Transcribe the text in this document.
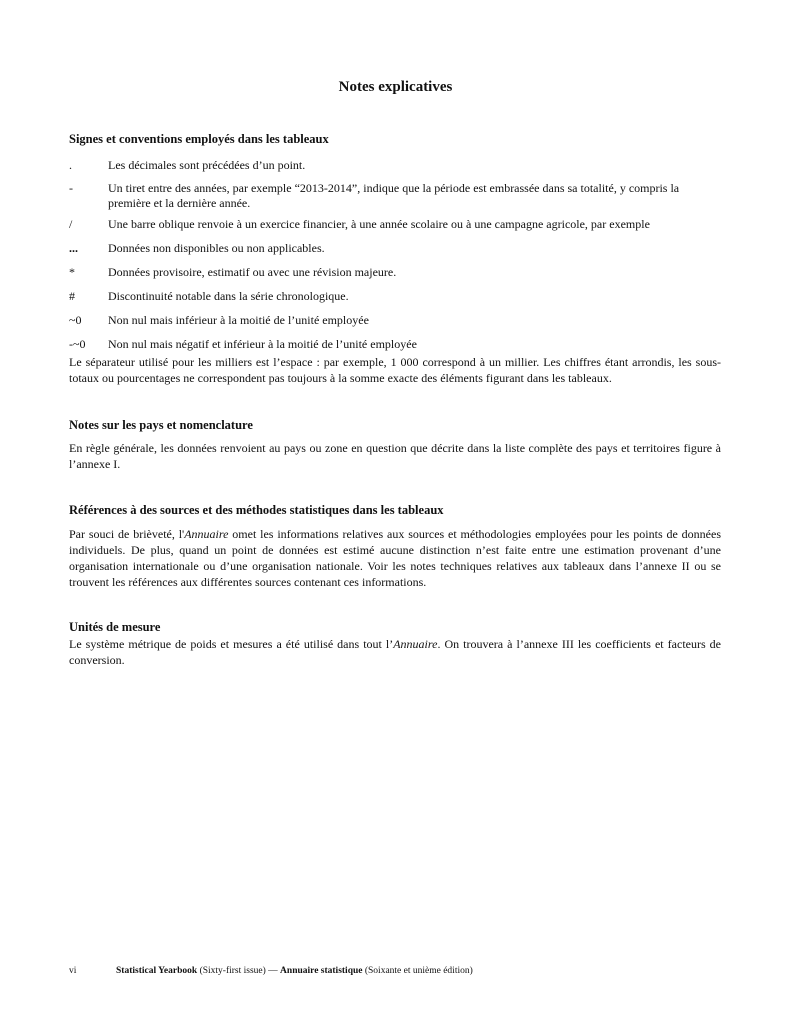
Notes explicatives
Signes et conventions employés dans les tableaux
.	Les décimales sont précédées d’un point.
-	Un tiret entre des années, par exemple “2013-2014”, indique que la période est embrassée dans sa totalité, y compris la première et la dernière année.
/	Une barre oblique renvoie à un exercice financier, à une année scolaire ou à une campagne agricole, par exemple
...	Données non disponibles ou non applicables.
*	Données provisoire, estimatif ou avec une révision majeure.
#	Discontinuité notable dans la série chronologique.
~0	Non nul mais inférieur à la moitié de l’unité employée
-~0	Non nul mais négatif et inférieur à la moitié de l’unité employée
Le séparateur utilisé pour les milliers est l’espace : par exemple, 1 000 correspond à un millier. Les chiffres étant arrondis, les sous-totaux ou pourcentages ne correspondent pas toujours à la somme exacte des éléments figurant dans les tableaux.
Notes sur les pays et nomenclature
En règle générale, les données renvoient au pays ou zone en question que décrite dans la liste complète des pays et territoires figure à l’annexe I.
Références à des sources et des méthodes statistiques dans les tableaux
Par souci de brièveté, l'Annuaire omet les informations relatives aux sources et méthodologies employées pour les points de données individuels. De plus, quand un point de données est estimé aucune distinction n’est faite entre une estimation provenant d’une organisation internationale ou d’une organisation nationale. Voir les notes techniques relatives aux tableaux dans l’annexe II ou se trouvent les références aux différentes sources contenant ces informations.
Unités de mesure
Le système métrique de poids et mesures a été utilisé dans tout l’Annuaire. On trouvera à l’annexe III les coefficients et facteurs de conversion.
vi	Statistical Yearbook (Sixty-first issue) — Annuaire statistique (Soixante et unième édition)
